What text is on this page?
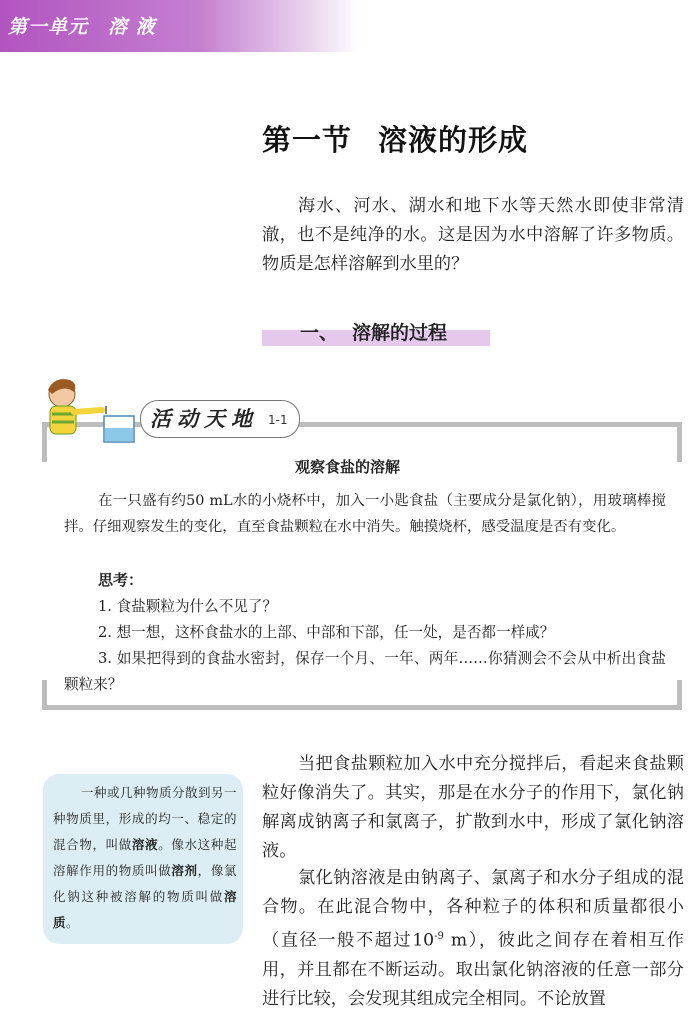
第一单元 溶 液
第一节 溶液的形成

海水、河水、湖水和地下水等天然水即使非常清澈，也不是纯净的水。这是因为水中溶解了许多物质。物质是怎样溶解到水里的？

一、 溶解的过程
活动天地 1-1
观察食盐的溶解

在一只盛有约50 mL水的小烧杯中，加入一小匙食盐（主要成分是氯化钠），用玻璃棒搅拌。仔细观察发生的变化，直至食盐颗粒在水中消失。触摸烧杯，感受温度是否有变化。

思考：

1. 食盐颗粒为什么不见了？

2. 想一想，这杯食盐水的上部、中部和下部，任一处，是否都一样咸？

3. 如果把得到的食盐水密封，保存一个月、一年、两年……你猜测会不会从中析出食盐颗粒来？

一种或几种物质分散到另一种物质里，形成的均一、稳定的混合物，叫做溶液。像水这种起溶解作用的物质叫做溶剂，像氯化钠这种被溶解的物质叫做溶质。

当把食盐颗粒加入水中充分搅拌后，看起来食盐颗粒好像消失了。其实，那是在水分子的作用下，氯化钠解离成钠离子和氯离子，扩散到水中，形成了氯化钠溶液。

氯化钠溶液是由钠离子、氯离子和水分子组成的混合物。在此混合物中，各种粒子的体积和质量都很小（直径一般不超过$10^{-9}$ m），彼此之间存在着相互作用，并且都在不断运动。取出氯化钠溶液的任意一部分进行比较，会发现其组成完全相同。不论放置
